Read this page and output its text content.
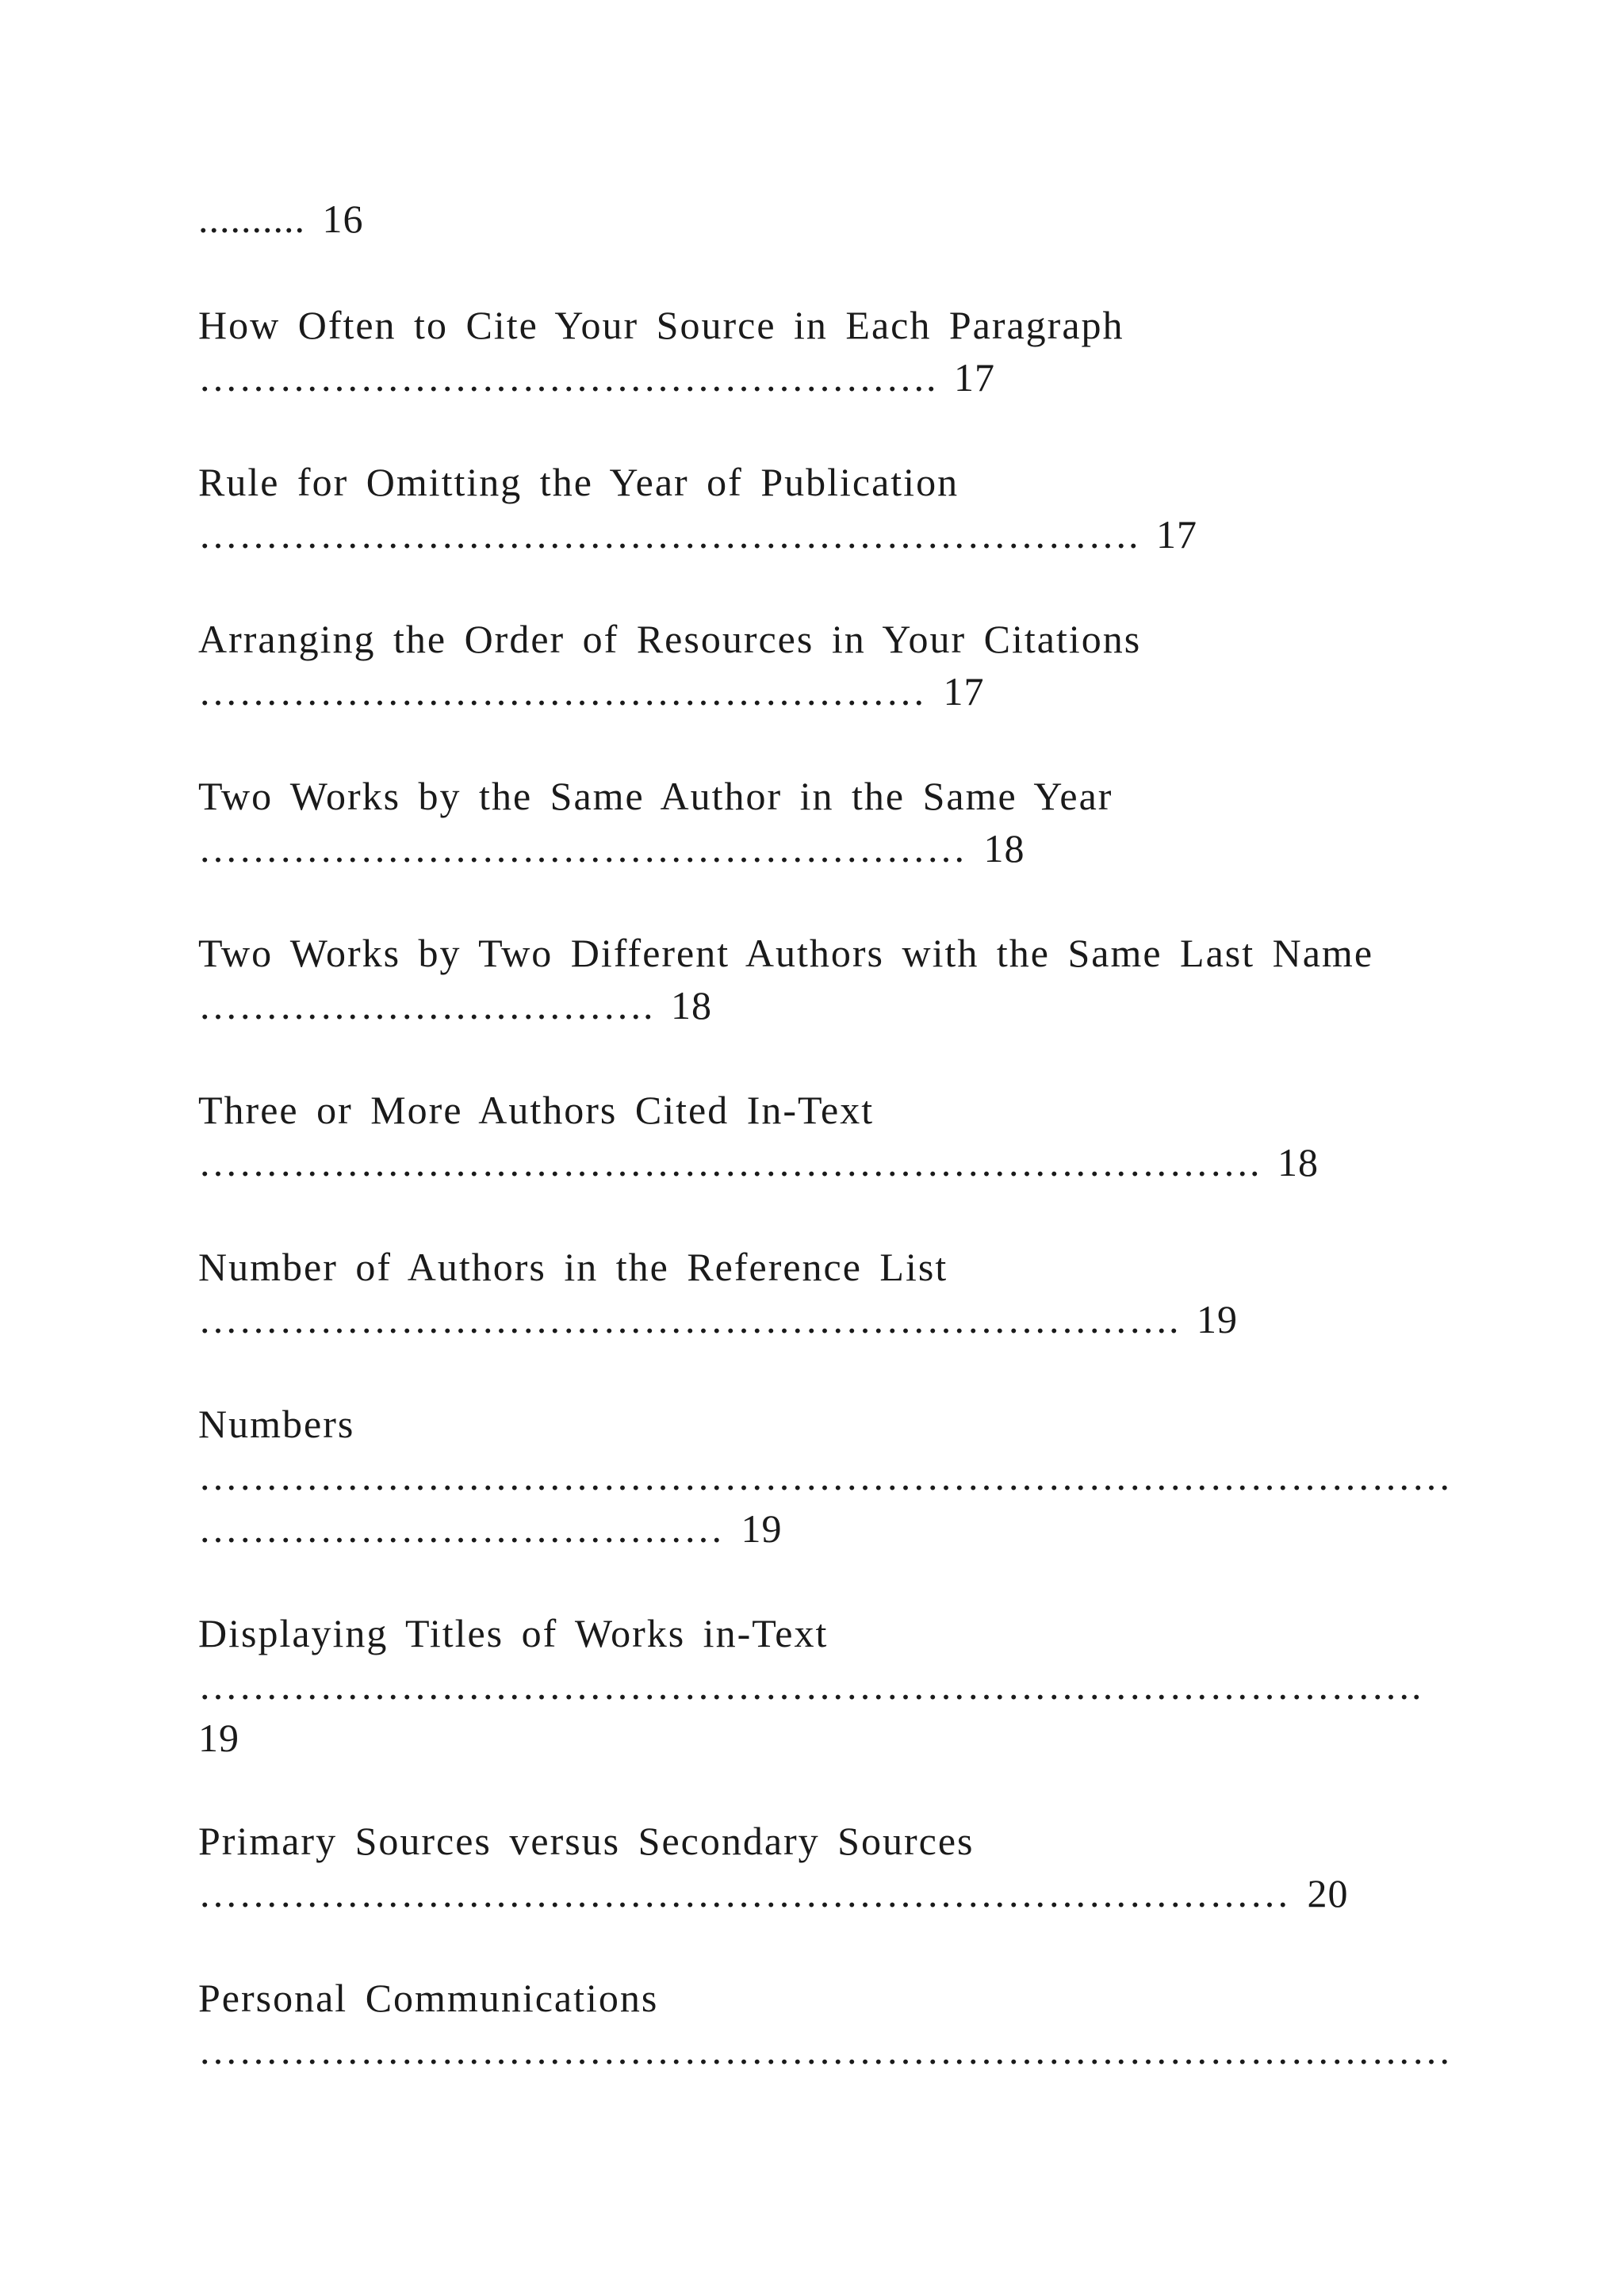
.......... 16

How Often to Cite Your Source in Each Paragraph

………………………………………………. 17

Rule for Omitting the Year of Publication

……………………………………………………………. 17

Arranging the Order of Resources in Your Citations

……………………………………………… 17

Two Works by the Same Author in the Same Year

………………………………………………… 18

Two Works by Two Different Authors with the Same Last Name

……………………………. 18

Three or More Authors Cited In-Text

……………………………………………………………………. 18

Number of Authors in the Reference List

………………………………………………………………. 19

Numbers

…………………………………………………………………………………

………………………………… 19

Displaying Titles of Works in-Text

……………………………………………………………………………….

19

Primary Sources versus Secondary Sources

……………………………………………………………………… 20

Personal Communications

…………………………………………………………………………………
